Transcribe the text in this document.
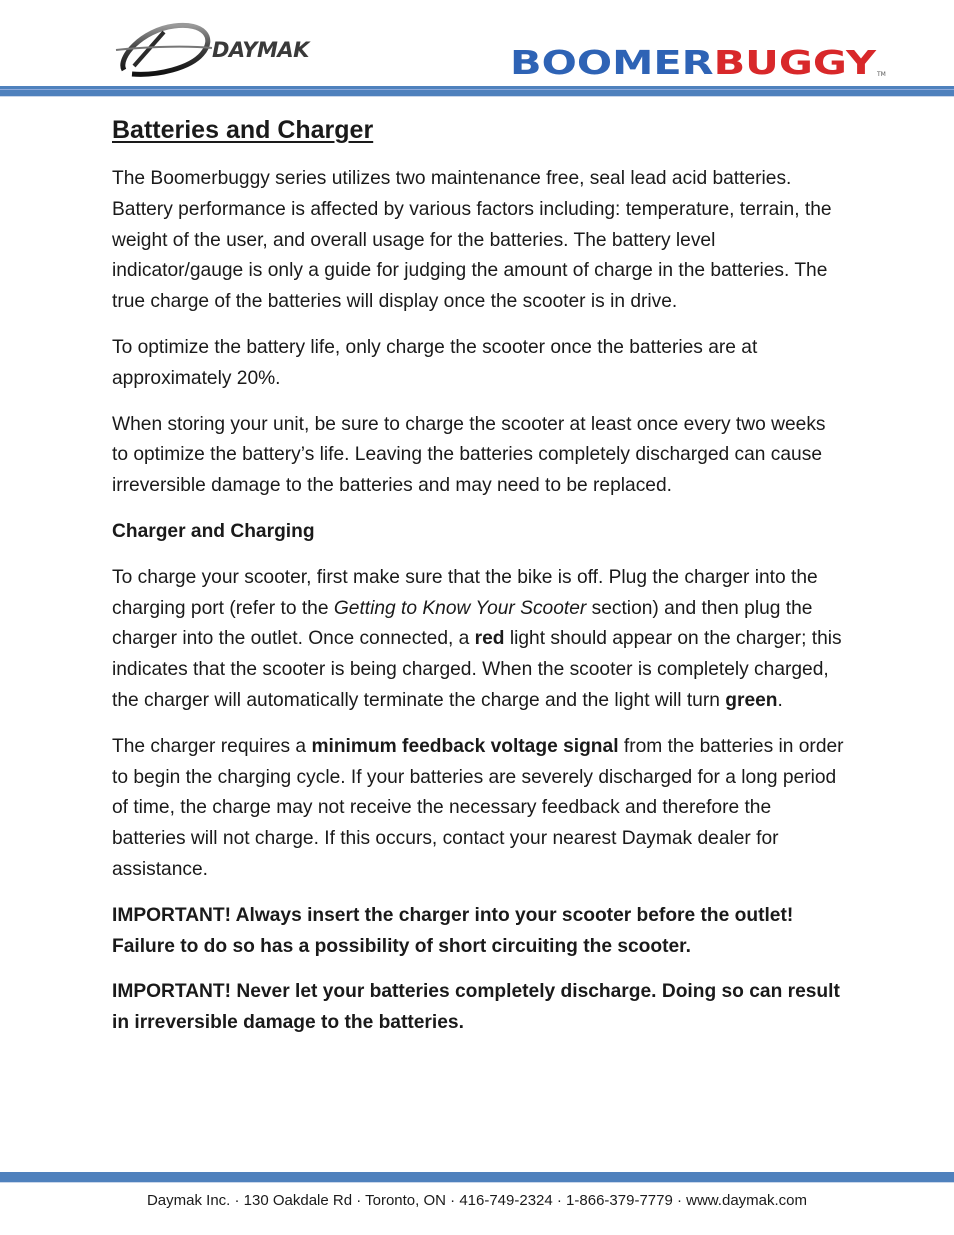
DAYMAK	BOOMER BUGGY	TM
Batteries and Charger

The Boomerbuggy series utilizes two maintenance free, seal lead acid batteries. Battery performance is affected by various factors including: temperature, terrain, the weight of the user, and overall usage for the batteries. The battery level indicator/gauge is only a guide for judging the amount of charge in the batteries. The true charge of the batteries will display once the scooter is in drive.

To optimize the battery life, only charge the scooter once the batteries are at approximately 20%.

When storing your unit, be sure to charge the scooter at least once every two weeks to optimize the battery’s life. Leaving the batteries completely discharged can cause irreversible damage to the batteries and may need to be replaced.

Charger and Charging

To charge your scooter, first make sure that the bike is off. Plug the charger into the charging port (refer to the Getting to Know Your Scooter section) and then plug the charger into the outlet. Once connected, a red light should appear on the charger; this indicates that the scooter is being charged. When the scooter is completely charged, the charger will automatically terminate the charge and the light will turn green.

The charger requires a minimum feedback voltage signal from the batteries in order to begin the charging cycle. If your batteries are severely discharged for a long period of time, the charge may not receive the necessary feedback and therefore the batteries will not charge. If this occurs, contact your nearest Daymak dealer for assistance.

IMPORTANT! Always insert the charger into your scooter before the outlet! Failure to do so has a possibility of short circuiting the scooter.

IMPORTANT! Never let your batteries completely discharge. Doing so can result in irreversible damage to the batteries.

Daymak Inc. · 130 Oakdale Rd · Toronto, ON · 416-749-2324 · 1-866-379-7779 · www.daymak.com
